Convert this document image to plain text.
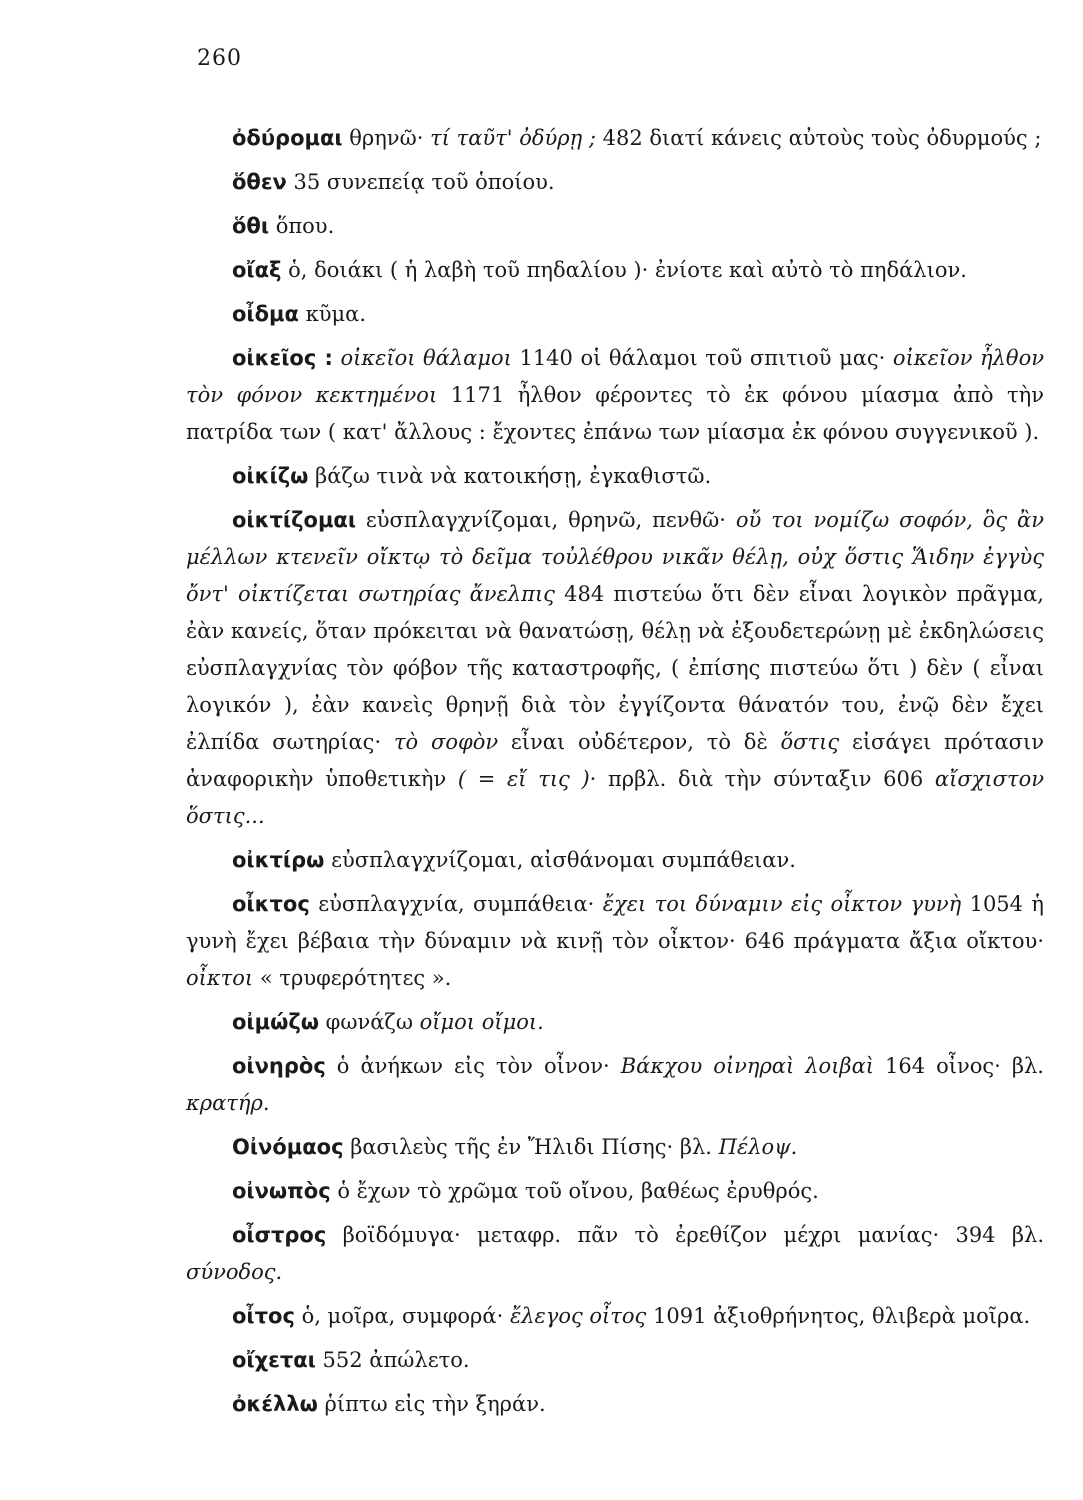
260

ὀδύρομαι θρηνῶ· τί ταῦτ' ὀδύρῃ ; 482 διατί κάνεις αὐτοὺς τοὺς ὀδυρμούς ;

ὅθεν 35 συνεπείᾳ τοῦ ὁποίου.

ὅθι ὅπου.

οἴαξ ὁ, δοιάκι ( ἡ λαβὴ τοῦ πηδαλίου )· ἐνίοτε καὶ αὐτὸ τὸ πηδάλιον.

οἶδμα κῦμα.

οἰκεῖος : οἰκεῖοι θάλαμοι 1140 οἱ θάλαμοι τοῦ σπιτιοῦ μας· οἰκεῖον ἦλθον τὸν φόνον κεκτημένοι 1171 ἦλθον φέροντες τὸ ἐκ φόνου μίασμα ἀπὸ τὴν πατρίδα των ( κατ' ἄλλους : ἔχοντες ἐπάνω των μίασμα ἐκ φόνου συγγενικοῦ ).

οἰκίζω βάζω τινὰ νὰ κατοικήσῃ, ἐγκαθιστῶ.

οἰκτίζομαι εὐσπλαγχνίζομαι, θρηνῶ, πενθῶ· οὔ τοι νομίζω σοφόν, ὃς ἂν μέλλων κτενεῖν οἴκτῳ τὸ δεῖμα τοὐλέθρου νικᾶν θέλῃ, οὐχ ὅστις Ἅιδην ἐγγὺς ὄντ' οἰκτίζεται σωτηρίας ἄνελπις 484 πιστεύω ὅτι δὲν εἶναι λογικὸν πρᾶγμα, ἐὰν κανείς, ὅταν πρόκειται νὰ θανατώσῃ, θέλῃ νὰ ἐξουδετερώνῃ μὲ ἐκδηλώσεις εὐσπλαγχνίας τὸν φόβον τῆς καταστροφῆς, ( ἐπίσης πιστεύω ὅτι ) δὲν ( εἶναι λογικόν ), ἐὰν κανεὶς θρηνῇ διὰ τὸν ἐγγίζοντα θάνατόν του, ἐνῷ δὲν ἔχει ἐλπίδα σωτηρίας· τὸ σοφὸν εἶναι οὐδέτερον, τὸ δὲ ὅστις εἰσάγει πρότασιν ἀναφορικὴν ὑποθετικὴν ( = εἴ τις )· πρβλ. διὰ τὴν σύνταξιν 606 αἴσχιστον ὅστις...

οἰκτίρω εὐσπλαγχνίζομαι, αἰσθάνομαι συμπάθειαν.

οἶκτος εὐσπλαγχνία, συμπάθεια· ἔχει τοι δύναμιν εἰς οἶκτον γυνὴ 1054 ἡ γυνὴ ἔχει βέβαια τὴν δύναμιν νὰ κινῇ τὸν οἶκτον· 646 πράγματα ἄξια οἴκτου· οἶκτοι « τρυφερότητες ».

οἰμώζω φωνάζω οἴμοι οἴμοι.

οἰνηρὸς ὁ ἀνήκων εἰς τὸν οἶνον· Βάκχου οἰνηραὶ λοιβαὶ 164 οἶνος· βλ. κρατήρ.

Οἰνόμαος βασιλεὺς τῆς ἐν Ἤλιδι Πίσης· βλ. Πέλοψ.

οἰνωπὸς ὁ ἔχων τὸ χρῶμα τοῦ οἴνου, βαθέως ἐρυθρός.

οἶστρος βοϊδόμυγα· μεταφρ. πᾶν τὸ ἐρεθίζον μέχρι μανίας· 394 βλ. σύνοδος.

οἶτος ὁ, μοῖρα, συμφορά· ἔλεγος οἶτος 1091 ἀξιοθρήνητος, θλιβερὰ μοῖρα.

οἴχεται 552 ἀπώλετο.

ὀκέλλω ῥίπτω εἰς τὴν ξηράν.
